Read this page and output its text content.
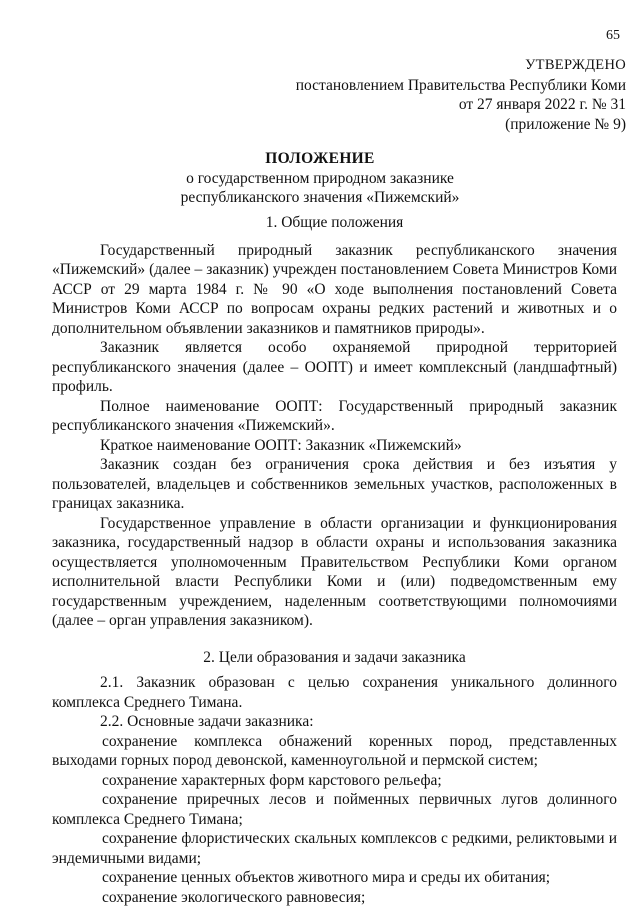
65
УТВЕРЖДЕНО
постановлением Правительства Республики Коми
от 27 января 2022 г. № 31
(приложение № 9)
ПОЛОЖЕНИЕ
о государственном природном заказнике
республиканского значения «Пижемский»
1. Общие положения

Государственный природный заказник республиканского значения «Пижемский» (далее – заказник) учрежден постановлением Совета Министров Коми АССР от 29 марта 1984 г. № 90 «О ходе выполнения постановлений Совета Министров Коми АССР по вопросам охраны редких растений и животных и о дополнительном объявлении заказников и памятников природы».

Заказник является особо охраняемой природной территорией республиканского значения (далее – ООПТ) и имеет комплексный (ландшафтный) профиль.

Полное наименование ООПТ: Государственный природный заказник республиканского значения «Пижемский».

Краткое наименование ООПТ: Заказник «Пижемский»

Заказник создан без ограничения срока действия и без изъятия у пользователей, владельцев и собственников земельных участков, расположенных в границах заказника.

Государственное управление в области организации и функционирования заказника, государственный надзор в области охраны и использования заказника осуществляется уполномоченным Правительством Республики Коми органом исполнительной власти Республики Коми и (или) подведомственным ему государственным учреждением, наделенным соответствующими полномочиями (далее – орган управления заказником).

2. Цели образования и задачи заказника

2.1. Заказник образован с целью сохранения уникального долинного комплекса Среднего Тимана.

2.2. Основные задачи заказника:

сохранение комплекса обнажений коренных пород, представленных выходами горных пород девонской, каменноугольной и пермской систем;

сохранение характерных форм карстового рельефа;

сохранение приречных лесов и пойменных первичных лугов долинного комплекса Среднего Тимана;

сохранение флористических скальных комплексов с редкими, реликтовыми и эндемичными видами;

сохранение ценных объектов животного мира и среды их обитания;

сохранение экологического равновесия;
